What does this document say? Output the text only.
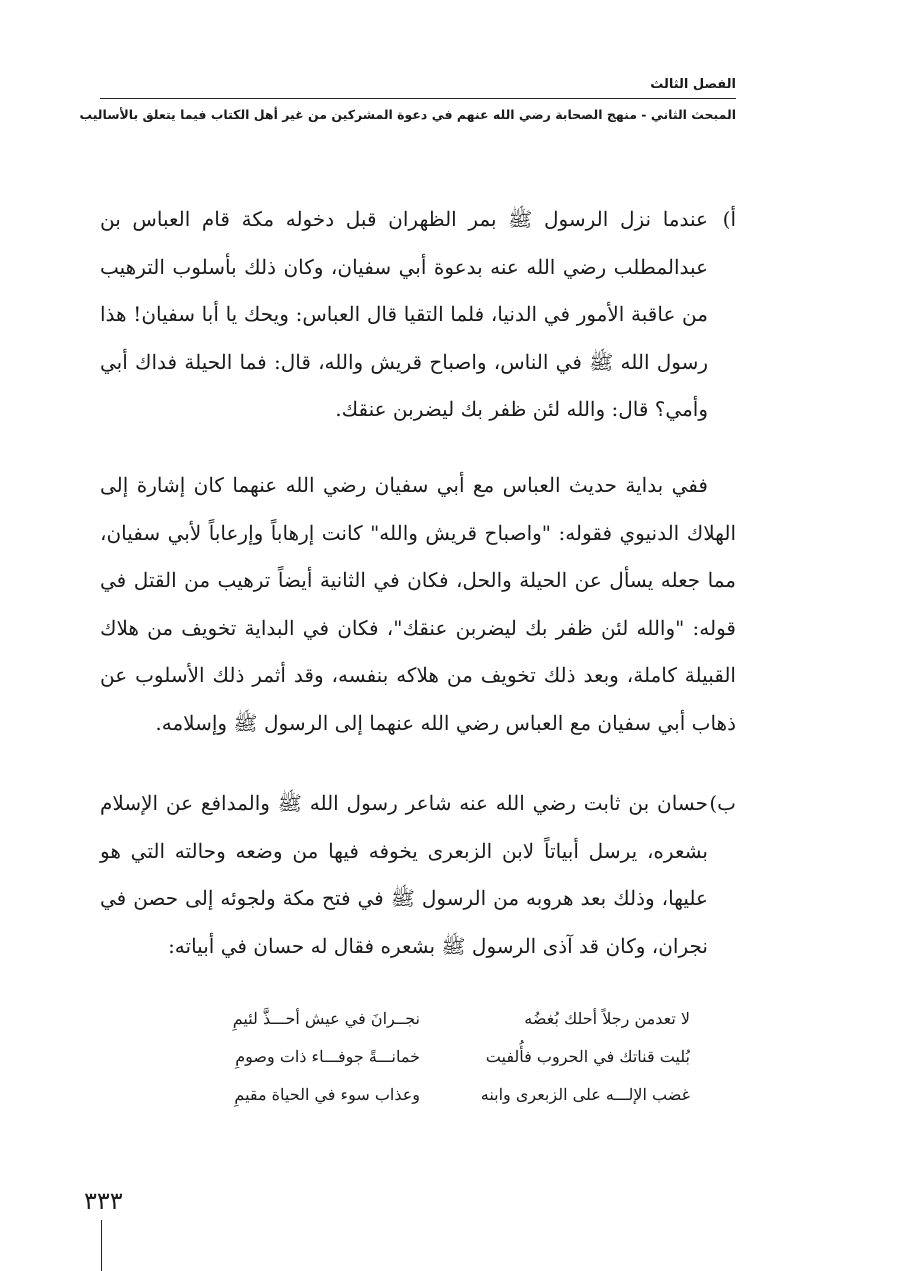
الفصل الثالث
المبحث الثاني - منهج الصحابة رضي الله عنهم في دعوة المشركين من غير أهل الكتاب فيما يتعلق بالأساليب
أ)
عندما نزل الرسول ﷺ بمر الظهران قبل دخوله مكة قام العباس بن عبدالمطلب رضي الله عنه بدعوة أبي سفيان، وكان ذلك بأسلوب الترهيب من عاقبة الأمور في الدنيا، فلما التقيا قال العباس: ويحك يا أبا سفيان! هذا رسول الله ﷺ في الناس، واصباح قريش والله، قال: فما الحيلة فداك أبي وأمي؟ قال: والله لئن ظفر بك ليضربن عنقك.
ففي بداية حديث العباس مع أبي سفيان رضي الله عنهما كان إشارة إلى الهلاك الدنيوي فقوله: "واصباح قريش والله" كانت إرهاباً وإرعاباً لأبي سفيان، مما جعله يسأل عن الحيلة والحل، فكان في الثانية أيضاً ترهيب من القتل في قوله: "والله لئن ظفر بك ليضربن عنقك"، فكان في البداية تخويف من هلاك القبيلة كاملة، وبعد ذلك تخويف من هلاكه بنفسه، وقد أثمر ذلك الأسلوب عن ذهاب أبي سفيان مع العباس رضي الله عنهما إلى الرسول ﷺ وإسلامه.
ب)
حسان بن ثابت رضي الله عنه شاعر رسول الله ﷺ والمدافع عن الإسلام بشعره، يرسل أبياتاً لابن الزبعرى يخوفه فيها من وضعه وحالته التي هو عليها، وذلك بعد هروبه من الرسول ﷺ في فتح مكة ولجوئه إلى حصن في نجران، وكان قد آذى الرسول ﷺ بشعره فقال له حسان في أبياته:
لا تعدمن رجلاً أحلك بُغضُه
نجــرانَ في عيش أحـــذَّ لئيمِ
بُليت قناتك في الحروب فأُلفيت
خمانـــةً جوفـــاء ذات وصومِ
غضب الإلـــه على الزبعرى وابنه
وعذاب سوء في الحياة مقيمِ
٣٣٣
